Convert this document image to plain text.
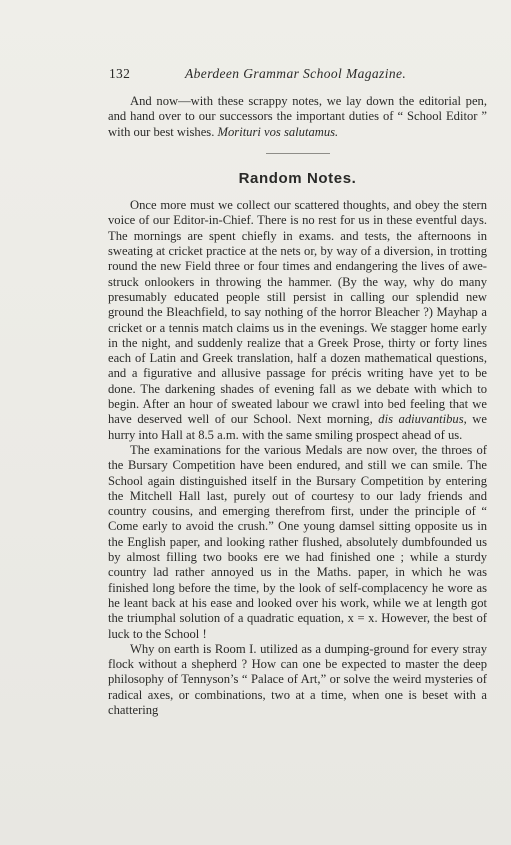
132	Aberdeen Grammar School Magazine.

And now—with these scrappy notes, we lay down the editorial pen, and hand over to our successors the important duties of “ School Editor ” with our best wishes. Morituri vos salutamus.

Random Notes.

Once more must we collect our scattered thoughts, and obey the stern voice of our Editor-in-Chief. There is no rest for us in these eventful days. The mornings are spent chiefly in exams. and tests, the afternoons in sweating at cricket practice at the nets or, by way of a diversion, in trotting round the new Field three or four times and endangering the lives of awe-struck onlookers in throwing the hammer. (By the way, why do many presumably educated people still persist in calling our splendid new ground the Bleachfield, to say nothing of the horror Bleacher ?) Mayhap a cricket or a tennis match claims us in the evenings. We stagger home early in the night, and suddenly realize that a Greek Prose, thirty or forty lines each of Latin and Greek translation, half a dozen mathematical questions, and a figurative and allusive passage for précis writing have yet to be done. The darkening shades of evening fall as we debate with which to begin. After an hour of sweated labour we crawl into bed feeling that we have deserved well of our School. Next morning, dis adiuvantibus, we hurry into Hall at 8.5 a.m. with the same smiling prospect ahead of us.

The examinations for the various Medals are now over, the throes of the Bursary Competition have been endured, and still we can smile. The School again distinguished itself in the Bursary Competition by entering the Mitchell Hall last, purely out of courtesy to our lady friends and country cousins, and emerging therefrom first, under the principle of “ Come early to avoid the crush.” One young damsel sitting opposite us in the English paper, and looking rather flushed, absolutely dumbfounded us by almost filling two books ere we had finished one ; while a sturdy country lad rather annoyed us in the Maths. paper, in which he was finished long before the time, by the look of self-complacency he wore as he leant back at his ease and looked over his work, while we at length got the triumphal solution of a quadratic equation, x = x. However, the best of luck to the School !

Why on earth is Room I. utilized as a dumping-ground for every stray flock without a shepherd ? How can one be expected to master the deep philosophy of Tennyson’s “ Palace of Art,” or solve the weird mysteries of radical axes, or combinations, two at a time, when one is beset with a chattering
